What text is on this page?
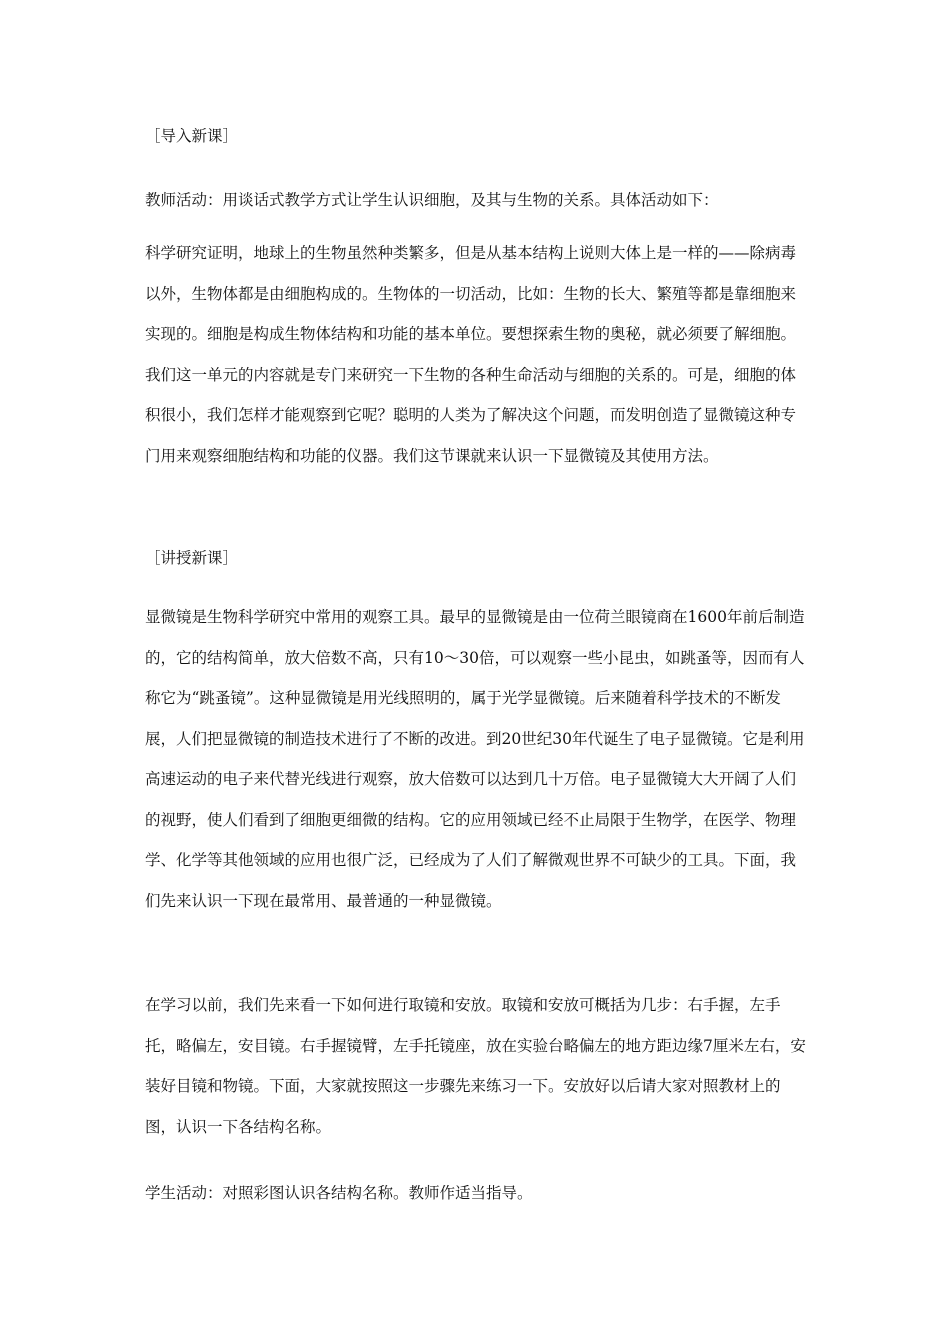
［导入新课］

教师活动：用谈话式教学方式让学生认识细胞，及其与生物的关系。具体活动如下：

科学研究证明，地球上的生物虽然种类繁多，但是从基本结构上说则大体上是一样的——除病毒以外，生物体都是由细胞构成的。生物体的一切活动，比如：生物的长大、繁殖等都是靠细胞来实现的。细胞是构成生物体结构和功能的基本单位。要想探索生物的奥秘，就必须要了解细胞。我们这一单元的内容就是专门来研究一下生物的各种生命活动与细胞的关系的。可是，细胞的体积很小，我们怎样才能观察到它呢？聪明的人类为了解决这个问题，而发明创造了显微镜这种专门用来观察细胞结构和功能的仪器。我们这节课就来认识一下显微镜及其使用方法。

［讲授新课］

显微镜是生物科学研究中常用的观察工具。最早的显微镜是由一位荷兰眼镜商在1600年前后制造的，它的结构简单，放大倍数不高，只有10～30倍，可以观察一些小昆虫，如跳蚤等，因而有人称它为“跳蚤镜”。这种显微镜是用光线照明的，属于光学显微镜。后来随着科学技术的不断发展，人们把显微镜的制造技术进行了不断的改进。到20世纪30年代诞生了电子显微镜。它是利用高速运动的电子来代替光线进行观察，放大倍数可以达到几十万倍。电子显微镜大大开阔了人们的视野，使人们看到了细胞更细微的结构。它的应用领域已经不止局限于生物学，在医学、物理学、化学等其他领域的应用也很广泛，已经成为了人们了解微观世界不可缺少的工具。下面，我们先来认识一下现在最常用、最普通的一种显微镜。

在学习以前，我们先来看一下如何进行取镜和安放。取镜和安放可概括为几步：右手握，左手托，略偏左，安目镜。右手握镜臂，左手托镜座，放在实验台略偏左的地方距边缘7厘米左右，安装好目镜和物镜。下面，大家就按照这一步骤先来练习一下。安放好以后请大家对照教材上的图，认识一下各结构名称。

学生活动：对照彩图认识各结构名称。教师作适当指导。
